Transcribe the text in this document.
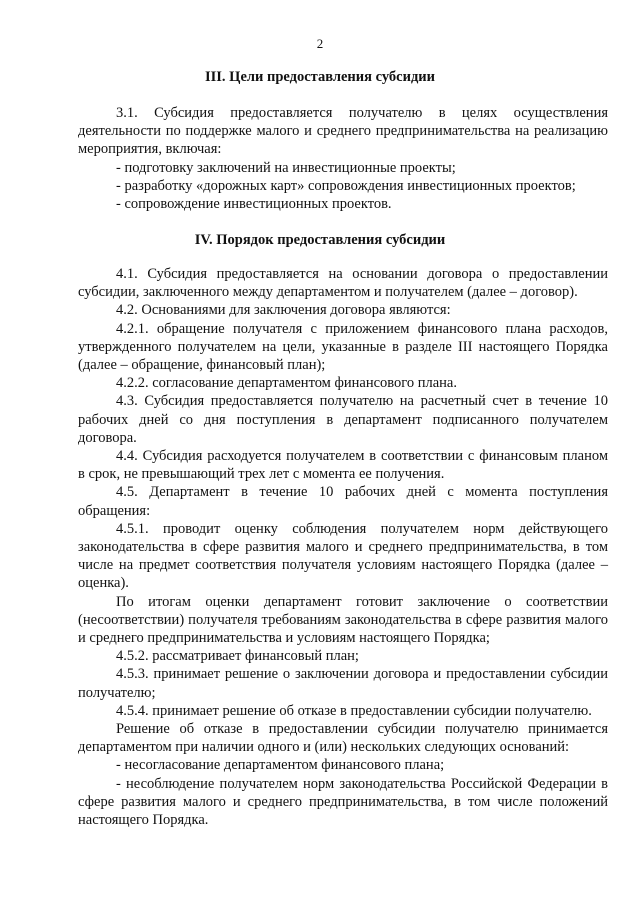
2
III. Цели предоставления субсидии

3.1. Субсидия предоставляется получателю в целях осуществления деятельности по поддержке малого и среднего предпринимательства на реализацию мероприятия, включая:

- подготовку заключений на инвестиционные проекты;

- разработку «дорожных карт» сопровождения инвестиционных проектов;

- сопровождение инвестиционных проектов.

IV. Порядок предоставления субсидии

4.1. Субсидия предоставляется на основании договора о предоставлении субсидии, заключенного между департаментом и получателем (далее – договор).

4.2. Основаниями для заключения договора являются:

4.2.1. обращение получателя с приложением финансового плана расходов, утвержденного получателем на цели, указанные в разделе III настоящего Порядка (далее – обращение, финансовый план);

4.2.2. согласование департаментом финансового плана.

4.3. Субсидия предоставляется получателю на расчетный счет в течение 10 рабочих дней со дня поступления в департамент подписанного получателем договора.

4.4. Субсидия расходуется получателем в соответствии с финансовым планом в срок, не превышающий трех лет с момента ее получения.

4.5. Департамент в течение 10 рабочих дней с момента поступления обращения:

4.5.1. проводит оценку соблюдения получателем норм действующего законодательства в сфере развития малого и среднего предпринимательства, в том числе на предмет соответствия получателя условиям настоящего Порядка (далее – оценка).

По итогам оценки департамент готовит заключение о соответствии (несоответствии) получателя требованиям законодательства в сфере развития малого и среднего предпринимательства и условиям настоящего Порядка;

4.5.2. рассматривает финансовый план;

4.5.3. принимает решение о заключении договора и предоставлении субсидии получателю;

4.5.4. принимает решение об отказе в предоставлении субсидии получателю.

Решение об отказе в предоставлении субсидии получателю принимается департаментом при наличии одного и (или) нескольких следующих оснований:

- несогласование департаментом финансового плана;

- несоблюдение получателем норм законодательства Российской Федерации в сфере развития малого и среднего предпринимательства, в том числе положений настоящего Порядка.
